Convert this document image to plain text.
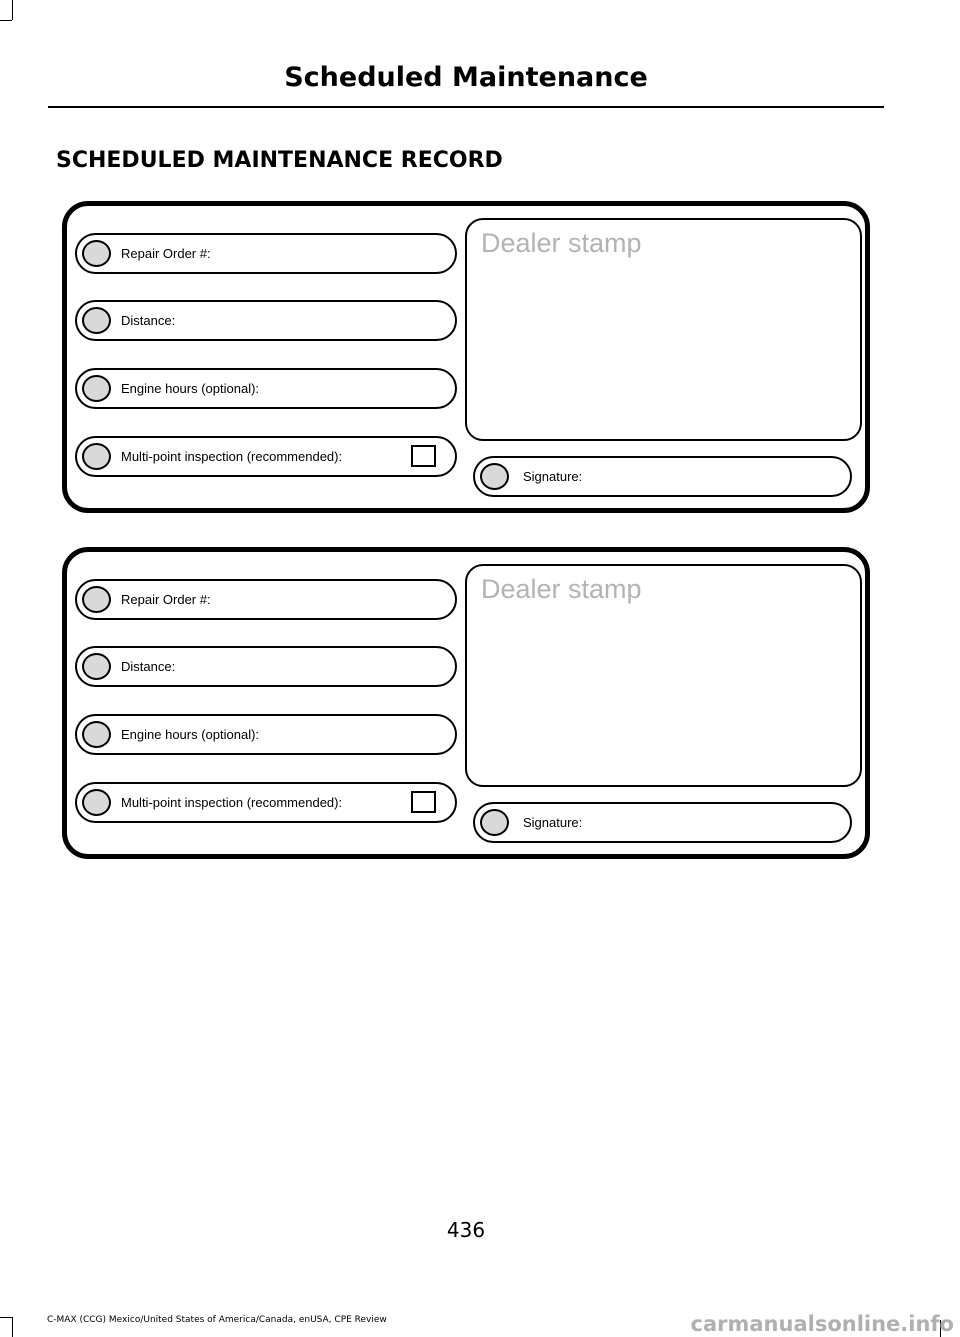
Scheduled Maintenance
SCHEDULED MAINTENANCE RECORD
Repair Order #:
Distance:
Engine hours (optional):
Multi-point inspection (recommended):
Dealer stamp
Signature:
Repair Order #:
Distance:
Engine hours (optional):
Multi-point inspection (recommended):
Dealer stamp
Signature:
436
C-MAX (CCG) Mexico/United States of America/Canada, enUSA, CPE Review	carmanualsonline.info
